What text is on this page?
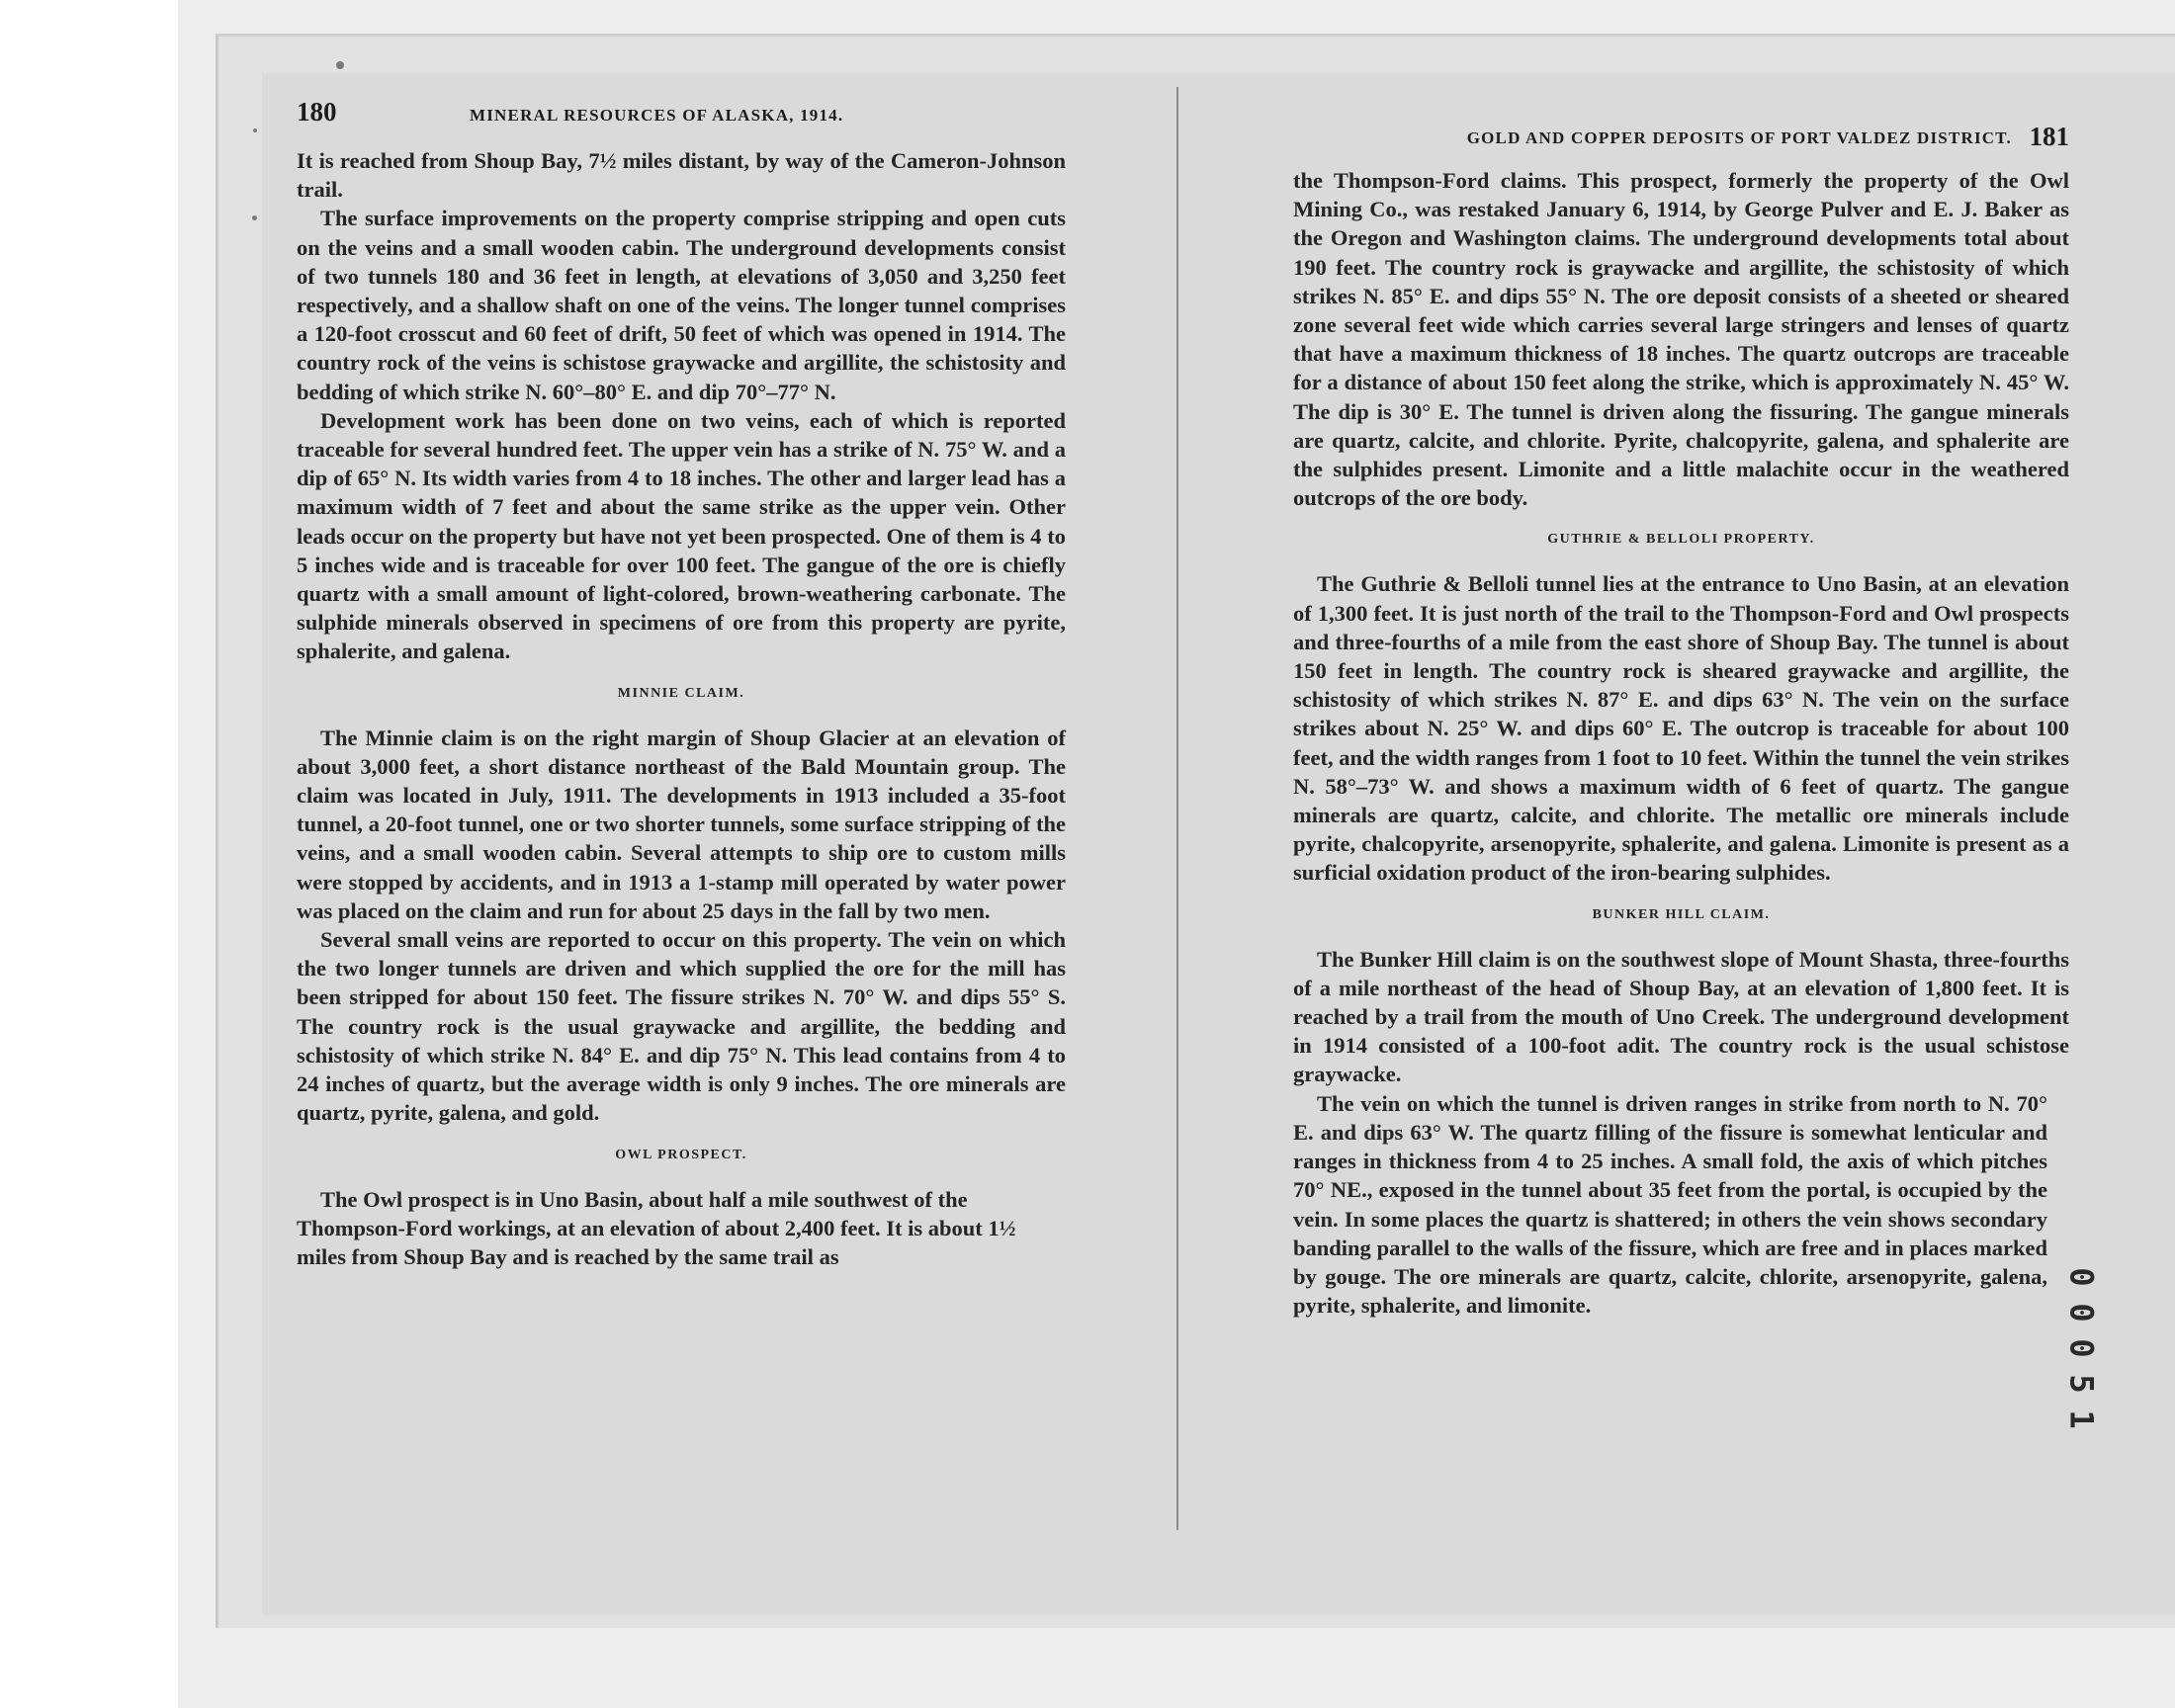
180	MINERAL RESOURCES OF ALASKA, 1914.

It is reached from Shoup Bay, 7½ miles distant, by way of the Cameron-Johnson trail.

The surface improvements on the property comprise stripping and open cuts on the veins and a small wooden cabin. The underground developments consist of two tunnels 180 and 36 feet in length, at elevations of 3,050 and 3,250 feet respectively, and a shallow shaft on one of the veins. The longer tunnel comprises a 120-foot crosscut and 60 feet of drift, 50 feet of which was opened in 1914. The country rock of the veins is schistose graywacke and argillite, the schistosity and bedding of which strike N. 60°–80° E. and dip 70°–77° N.

Development work has been done on two veins, each of which is reported traceable for several hundred feet. The upper vein has a strike of N. 75° W. and a dip of 65° N. Its width varies from 4 to 18 inches. The other and larger lead has a maximum width of 7 feet and about the same strike as the upper vein. Other leads occur on the property but have not yet been prospected. One of them is 4 to 5 inches wide and is traceable for over 100 feet. The gangue of the ore is chiefly quartz with a small amount of light-colored, brown-weathering carbonate. The sulphide minerals observed in specimens of ore from this property are pyrite, sphalerite, and galena.

MINNIE CLAIM.

The Minnie claim is on the right margin of Shoup Glacier at an elevation of about 3,000 feet, a short distance northeast of the Bald Mountain group. The claim was located in July, 1911. The developments in 1913 included a 35-foot tunnel, a 20-foot tunnel, one or two shorter tunnels, some surface stripping of the veins, and a small wooden cabin. Several attempts to ship ore to custom mills were stopped by accidents, and in 1913 a 1-stamp mill operated by water power was placed on the claim and run for about 25 days in the fall by two men.

Several small veins are reported to occur on this property. The vein on which the two longer tunnels are driven and which supplied the ore for the mill has been stripped for about 150 feet. The fissure strikes N. 70° W. and dips 55° S. The country rock is the usual graywacke and argillite, the bedding and schistosity of which strike N. 84° E. and dip 75° N. This lead contains from 4 to 24 inches of quartz, but the average width is only 9 inches. The ore minerals are quartz, pyrite, galena, and gold.

OWL PROSPECT.

The Owl prospect is in Uno Basin, about half a mile southwest of the Thompson-Ford workings, at an elevation of about 2,400 feet. It is about 1½ miles from Shoup Bay and is reached by the same trail as

GOLD AND COPPER DEPOSITS OF PORT VALDEZ DISTRICT. 181

the Thompson-Ford claims. This prospect, formerly the property of the Owl Mining Co., was restaked January 6, 1914, by George Pulver and E. J. Baker as the Oregon and Washington claims. The underground developments total about 190 feet. The country rock is graywacke and argillite, the schistosity of which strikes N. 85° E. and dips 55° N. The ore deposit consists of a sheeted or sheared zone several feet wide which carries several large stringers and lenses of quartz that have a maximum thickness of 18 inches. The quartz outcrops are traceable for a distance of about 150 feet along the strike, which is approximately N. 45° W. The dip is 30° E. The tunnel is driven along the fissuring. The gangue minerals are quartz, calcite, and chlorite. Pyrite, chalcopyrite, galena, and sphalerite are the sulphides present. Limonite and a little malachite occur in the weathered outcrops of the ore body.

GUTHRIE & BELLOLI PROPERTY.

The Guthrie & Belloli tunnel lies at the entrance to Uno Basin, at an elevation of 1,300 feet. It is just north of the trail to the Thompson-Ford and Owl prospects and three-fourths of a mile from the east shore of Shoup Bay. The tunnel is about 150 feet in length. The country rock is sheared graywacke and argillite, the schistosity of which strikes N. 87° E. and dips 63° N. The vein on the surface strikes about N. 25° W. and dips 60° E. The outcrop is traceable for about 100 feet, and the width ranges from 1 foot to 10 feet. Within the tunnel the vein strikes N. 58°–73° W. and shows a maximum width of 6 feet of quartz. The gangue minerals are quartz, calcite, and chlorite. The metallic ore minerals include pyrite, chalcopyrite, arsenopyrite, sphalerite, and galena. Limonite is present as a surficial oxidation product of the iron-bearing sulphides.

BUNKER HILL CLAIM.

The Bunker Hill claim is on the southwest slope of Mount Shasta, three-fourths of a mile northeast of the head of Shoup Bay, at an elevation of 1,800 feet. It is reached by a trail from the mouth of Uno Creek. The underground development in 1914 consisted of a 100-foot adit. The country rock is the usual schistose graywacke.

The vein on which the tunnel is driven ranges in strike from north to N. 70° E. and dips 63° W. The quartz filling of the fissure is somewhat lenticular and ranges in thickness from 4 to 25 inches. A small fold, the axis of which pitches 70° NE., exposed in the tunnel about 35 feet from the portal, is occupied by the vein. In some places the quartz is shattered; in others the vein shows secondary banding parallel to the walls of the fissure, which are free and in places marked by gouge. The ore minerals are quartz, calcite, chlorite, arsenopyrite, galena, pyrite, sphalerite, and limonite.

0
0
0
5
1
